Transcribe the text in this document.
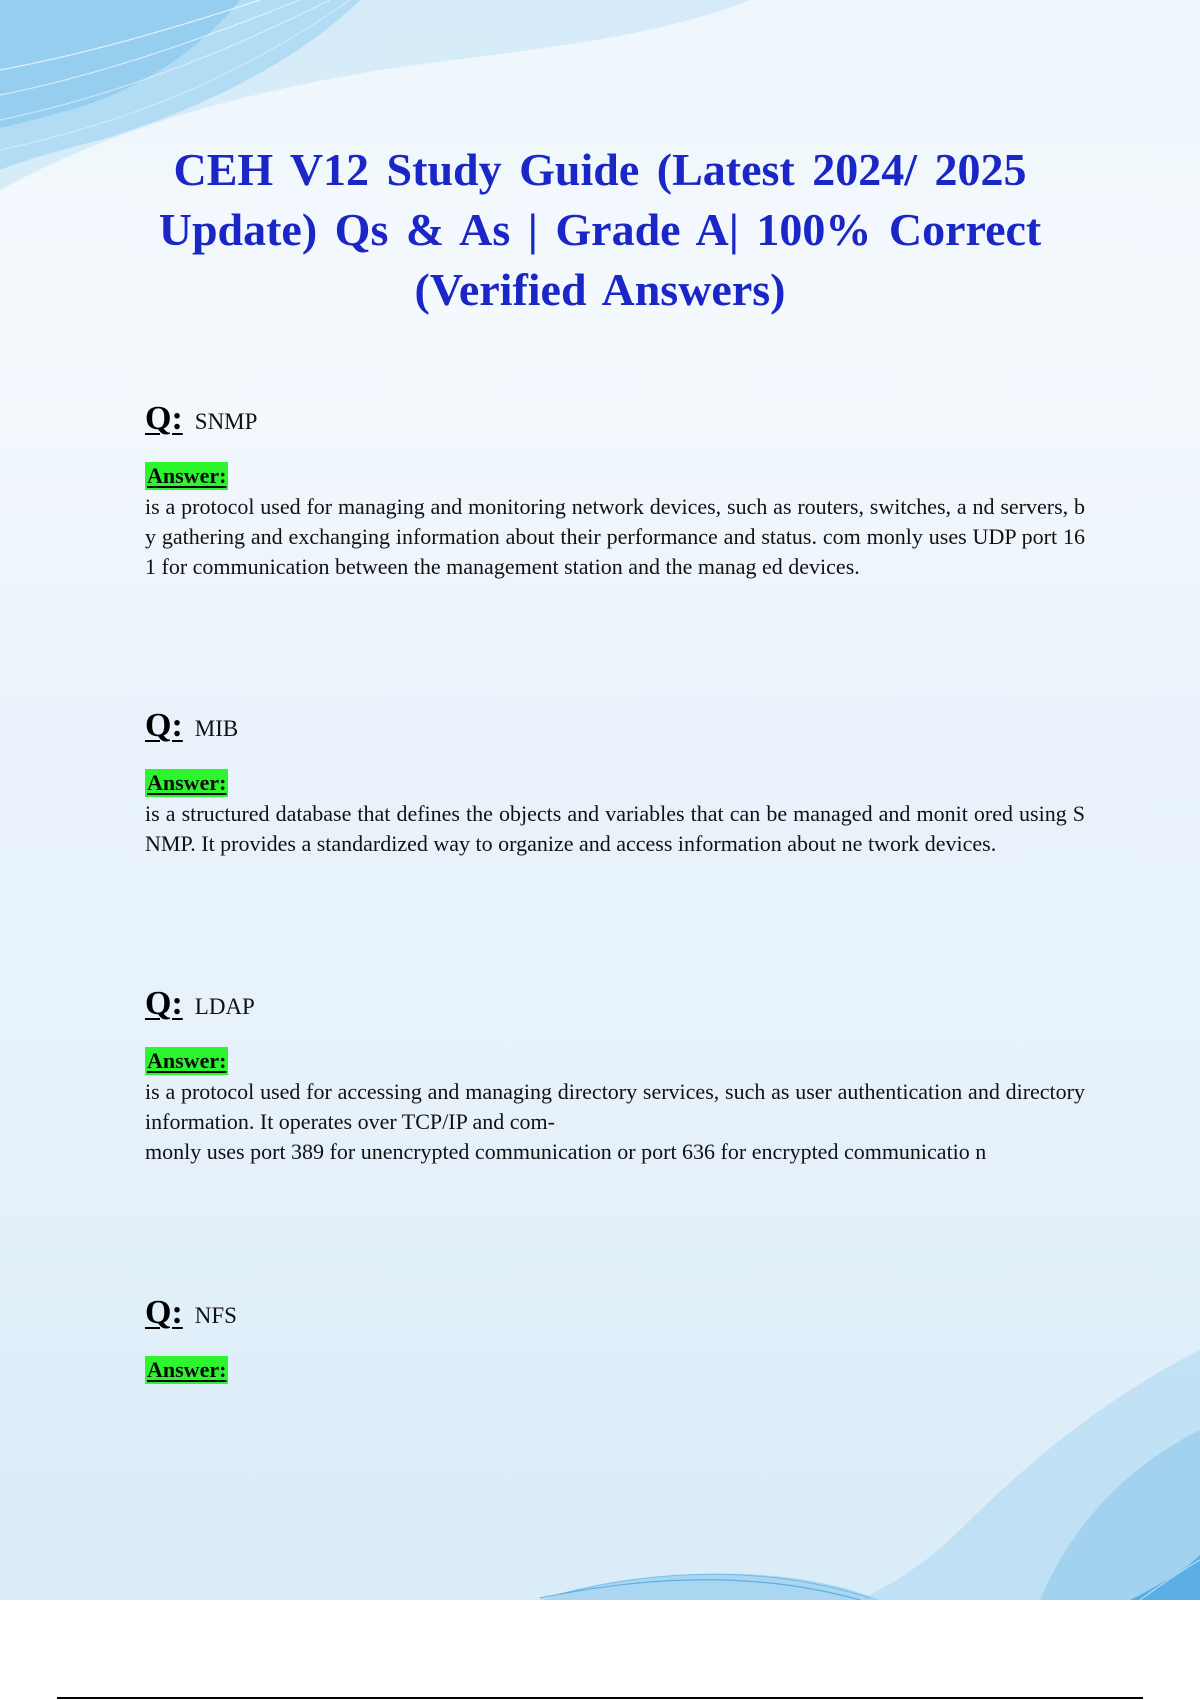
CEH V12 Study Guide (Latest 2024/ 2025 Update) Qs & As | Grade A| 100% Correct (Verified Answers)
Q: SNMP
Answer:

is a protocol used for managing and monitoring network devices, such as routers, switches, a nd servers, by gathering and exchanging information about their performance and status. com monly uses UDP port 161 for communication between the management station and the manag ed devices.

Q: MIB
Answer:

is a structured database that defines the objects and variables that can be managed and monit ored using SNMP. It provides a standardized way to organize and access information about ne twork devices.

Q: LDAP
Answer:

is a protocol used for accessing and managing directory services, such as user authentication and directory information. It operates over TCP/IP and com-
monly uses port 389 for unencrypted communication or port 636 for encrypted communicatio n

Q: NFS
Answer:
